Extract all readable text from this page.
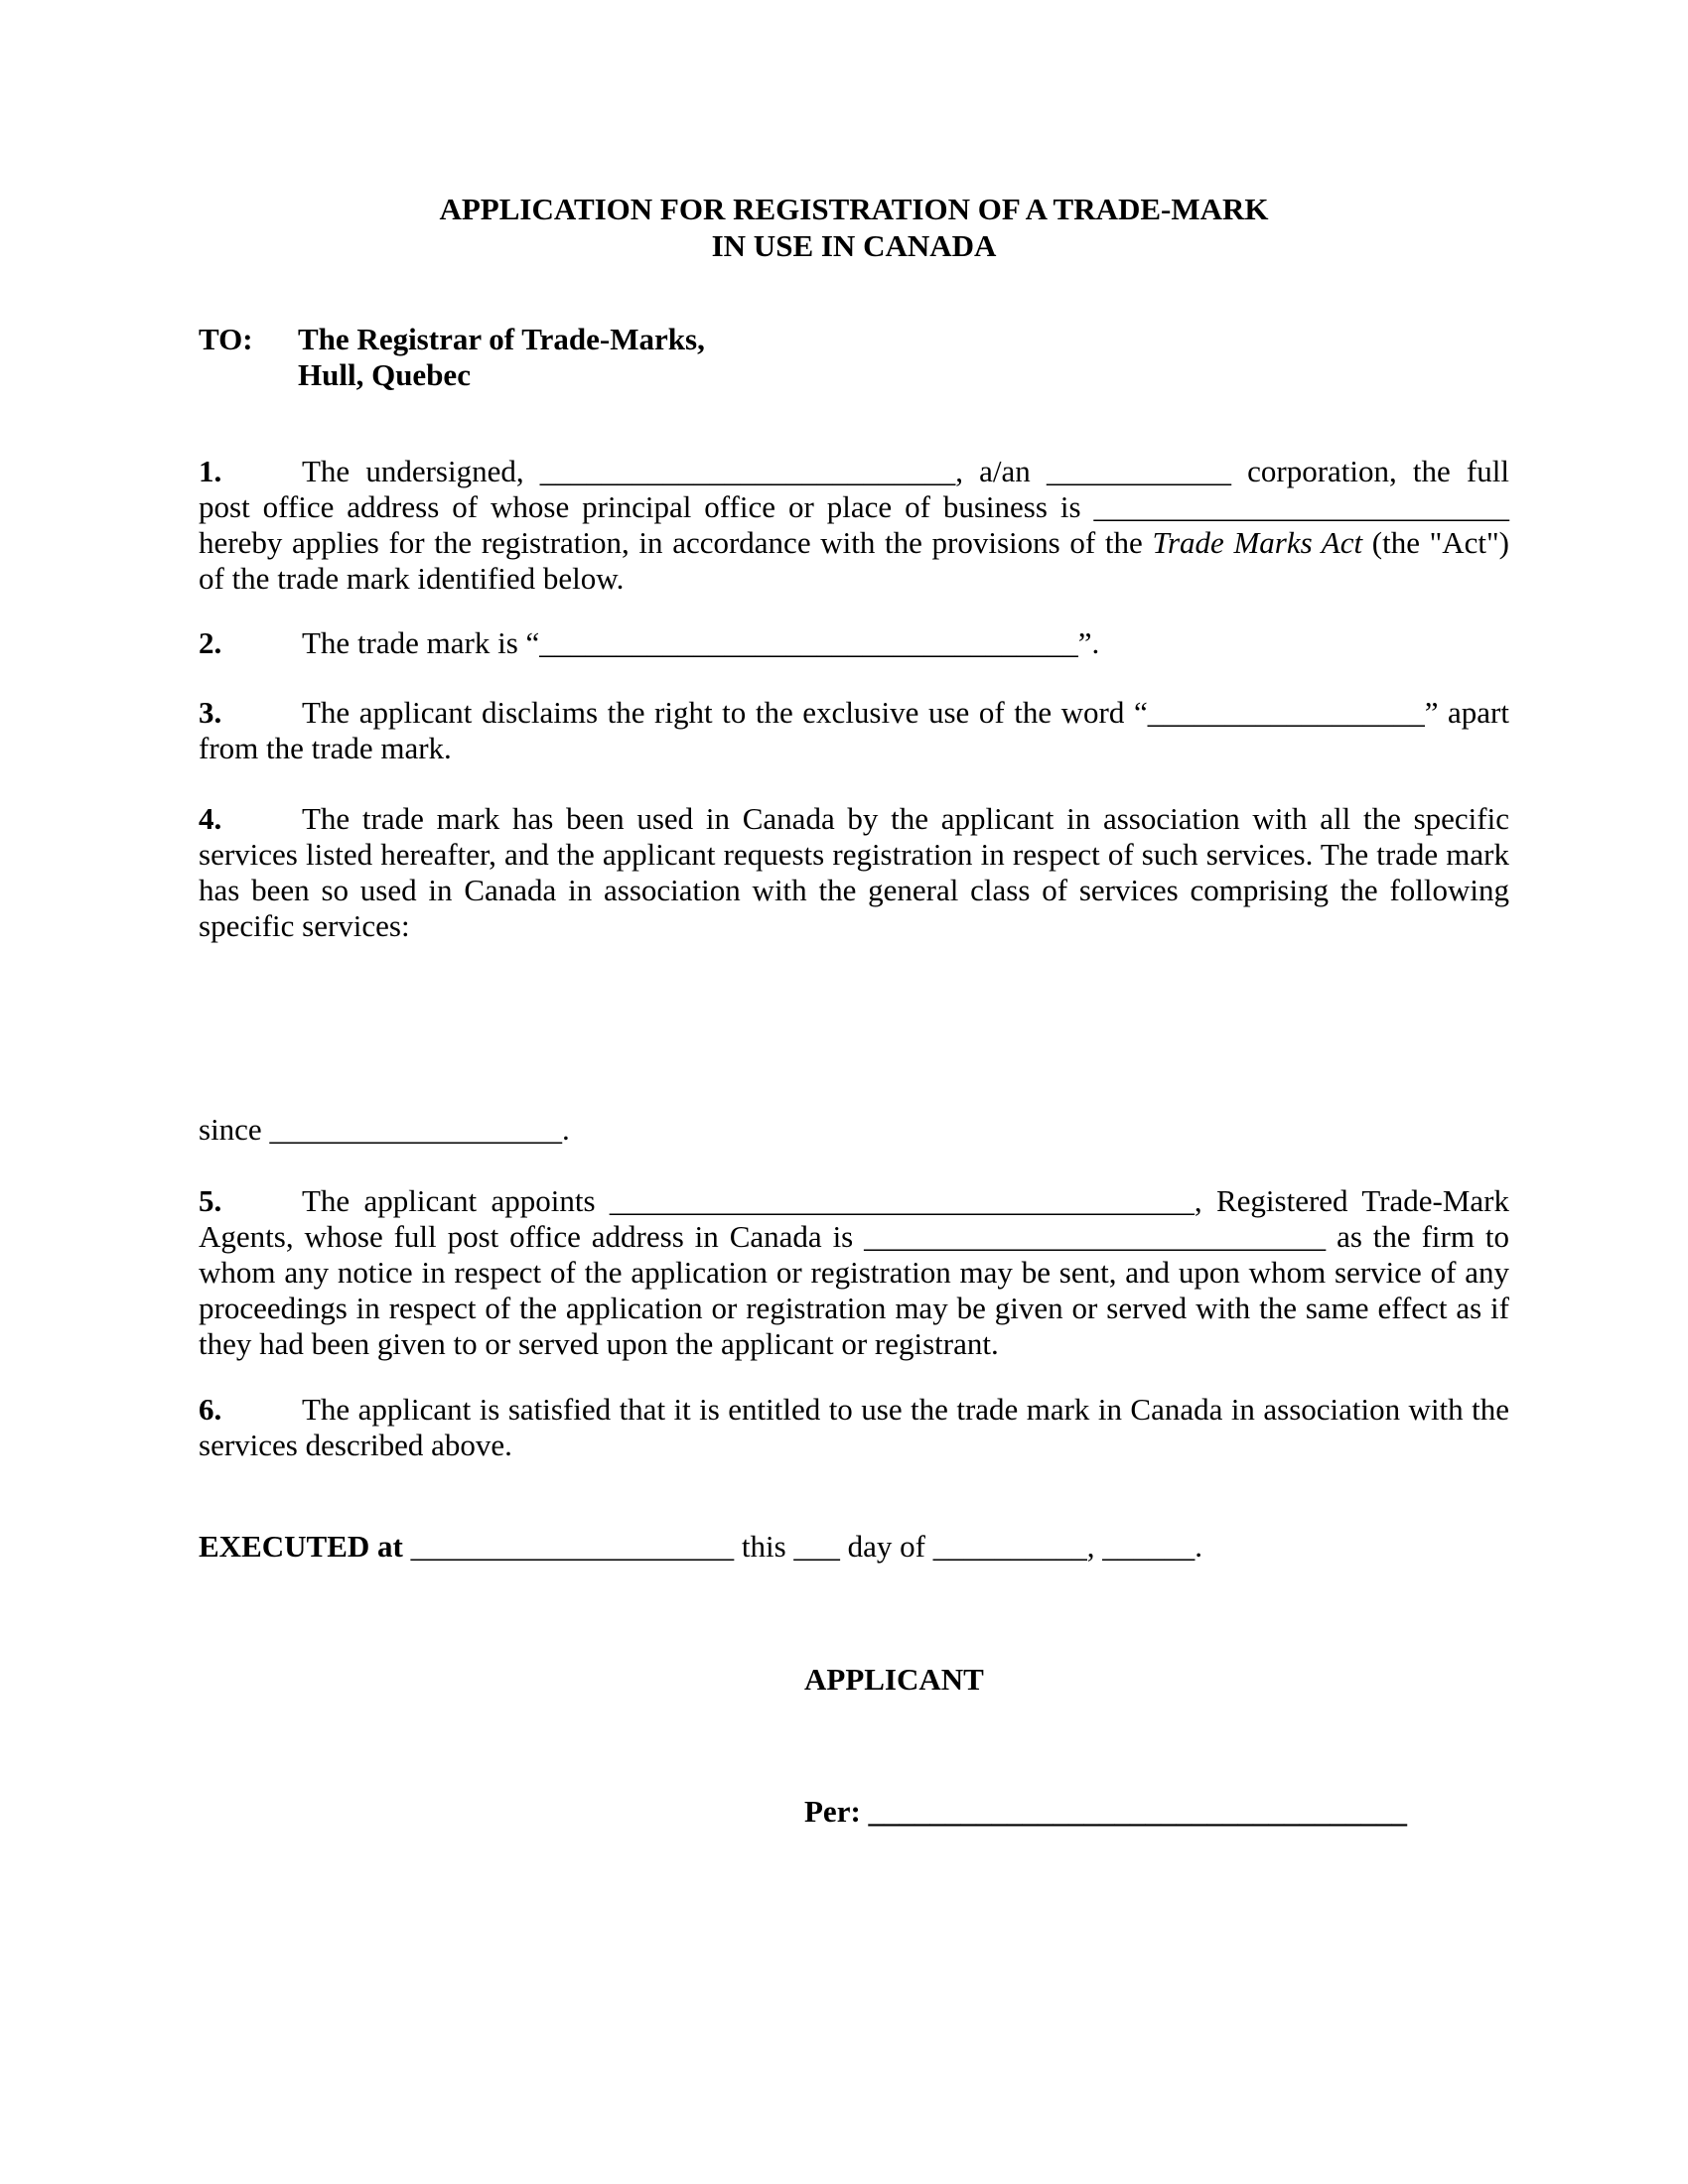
APPLICATION FOR REGISTRATION OF A TRADE-MARK
IN USE IN CANADA
TO:	The Registrar of Trade-Marks,
Hull, Quebec

1.	The undersigned, ___________________________, a/an ____________ corporation, the full post office address of whose principal office or place of business is ___________________________ hereby applies for the registration, in accordance with the provisions of the Trade Marks Act (the "Act") of the trade mark identified below.

2.	The trade mark is “___________________________________”.

3.	The applicant disclaims the right to the exclusive use of the word “__________________” apart from the trade mark.

4.	The trade mark has been used in Canada by the applicant in association with all the specific services listed hereafter, and the applicant requests registration in respect of such services. The trade mark has been so used in Canada in association with the general class of services comprising the following specific services:

since ___________________.

5.	The applicant appoints ______________________________________, Registered Trade-Mark Agents, whose full post office address in Canada is ______________________________ as the firm to whom any notice in respect of the application or registration may be sent, and upon whom service of any proceedings in respect of the application or registration may be given or served with the same effect as if they had been given to or served upon the applicant or registrant.

6.	The applicant is satisfied that it is entitled to use the trade mark in Canada in association with the services described above.

EXECUTED at _____________________ this ___ day of __________, ______.

APPLICANT
Per: ___________________________________
